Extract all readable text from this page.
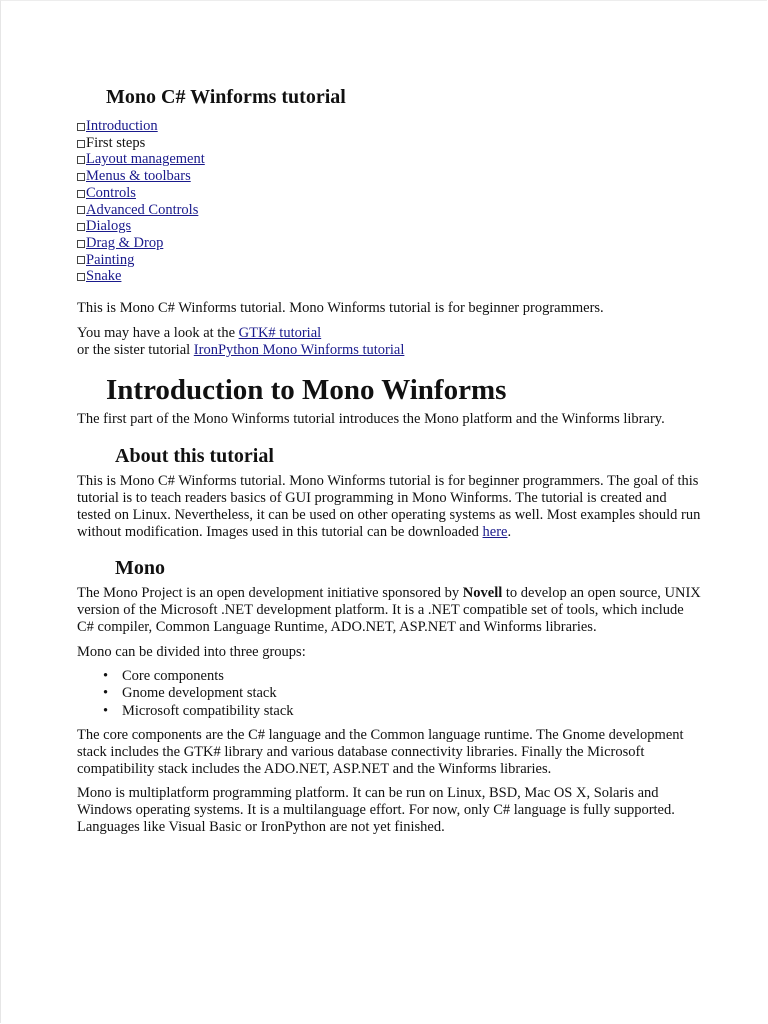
Mono C# Winforms tutorial
Introduction
First steps
Layout management
Menus & toolbars
Controls
Advanced Controls
Dialogs
Drag & Drop
Painting
Snake

This is Mono C# Winforms tutorial. Mono Winforms tutorial is for beginner programmers.

You may have a look at the GTK# tutorial
or the sister tutorial IronPython Mono Winforms tutorial

Introduction to Mono Winforms

The first part of the Mono Winforms tutorial introduces the Mono platform and the Winforms library.

About this tutorial

This is Mono C# Winforms tutorial. Mono Winforms tutorial is for beginner programmers. The goal of this tutorial is to teach readers basics of GUI programming in Mono Winforms. The tutorial is created and tested on Linux. Nevertheless, it can be used on other operating systems as well. Most examples should run without modification. Images used in this tutorial can be downloaded here.

Mono

The Mono Project is an open development initiative sponsored by Novell to develop an open source, UNIX version of the Microsoft .NET development platform. It is a .NET compatible set of tools, which include C# compiler, Common Language Runtime, ADO.NET, ASP.NET and Winforms libraries.

Mono can be divided into three groups:

• Core components
• Gnome development stack
• Microsoft compatibility stack

The core components are the C# language and the Common language runtime. The Gnome development stack includes the GTK# library and various database connectivity libraries. Finally the Microsoft compatibility stack includes the ADO.NET, ASP.NET and the Winforms libraries.

Mono is multiplatform programming platform. It can be run on Linux, BSD, Mac OS X, Solaris and Windows operating systems. It is a multilanguage effort. For now, only C# language is fully supported. Languages like Visual Basic or IronPython are not yet finished.
